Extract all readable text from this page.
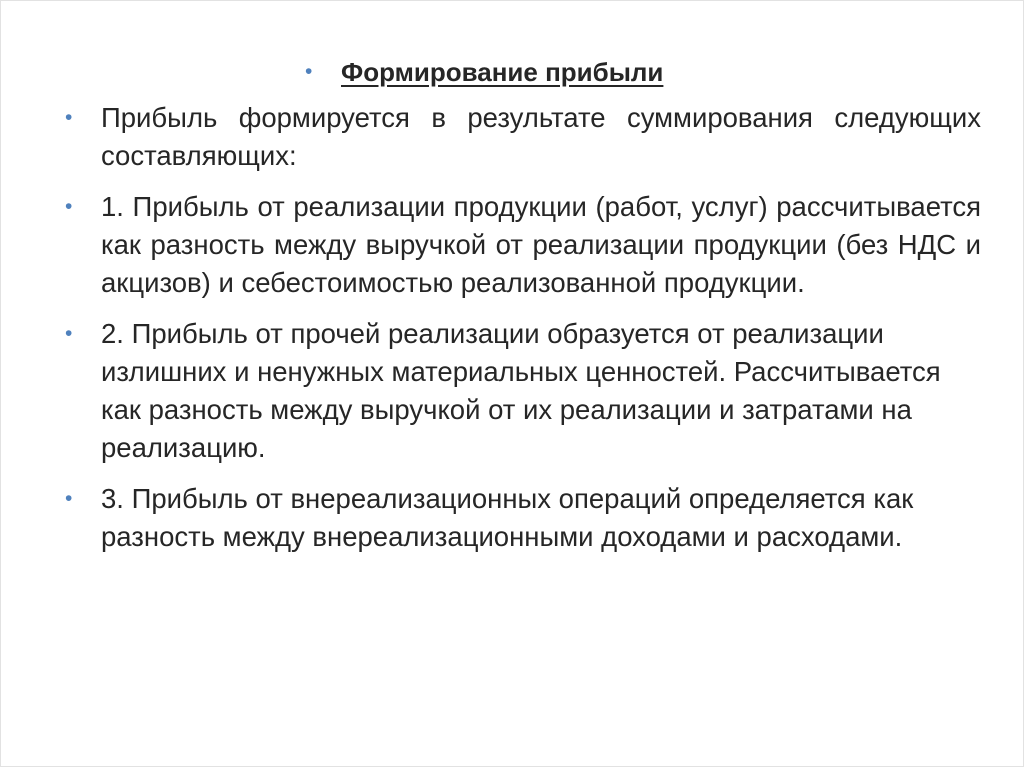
• Формирование прибыли
• Прибыль формируется в результате суммирования следующих составляющих:
• 1. Прибыль от реализации продукции (работ, услуг) рассчитывается как разность между выручкой от реализации продукции (без НДС и акцизов) и себестоимостью реализованной продукции.
• 2. Прибыль от прочей реализации образуется от реализации излишних и ненужных материальных ценностей. Рассчитывается как разность между выручкой от их реализации и затратами на реализацию.
• 3. Прибыль от внереализационных операций определяется как разность между внереализационными доходами и расходами.
